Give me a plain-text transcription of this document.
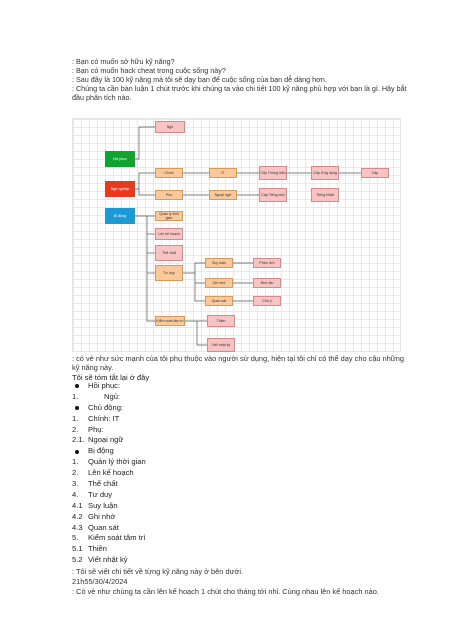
: Bạn có muốn sở hữu kỹ năng?
: Bạn có muốn hack cheat trong cuộc sống này?
: Sau đây là 100 kỹ năng mà tôi sẽ dạy bạn để cuộc sống của bạn dễ dàng hơn.
: Chúng ta cần bàn luận 1 chút trước khi chúng ta vào chi tiết 100 kỹ năng phù hợp với bạn là gì. Hãy bắt đầu phân tích nào.
Ngủ
Hồi phục
Ngủ nghiệp
Bị động
Chính	IT	Cấp Thông hiểu	Cấp Ứng dụng	Cấp
Phụ	Ngoại ngữ	Cấp Tiếng anh	Tiếng Nhật
Quản lý thời gian
Lên kế hoạch
Thể chất
Tư duy
Suy luận
Ghi nhớ
Quan sát
Phân tích
Nhớ lâu
Chú ý
Kiểm soát tâm trí	Thiền
Viết nhật ký
: có vẻ như sức mạnh của tôi phụ thuộc vào người sử dụng, hiện tại tôi chỉ có thể dạy cho cậu những kỹ năng này.
Tôi sẽ tóm tắt lại ở đây
Hồi phục:
1.	Ngủ:
Chủ động:
1.	Chính: IT
2.	Phụ:
2.1. Ngoại ngữ
Bị động
1.	Quản lý thời gian
2.	Lên kế hoạch
3.	Thể chất
4.	Tư duy
4.1 Suy luận
4.2 Ghi nhớ
4.3 Quan sát
5.	Kiểm soát tâm trí
5.1 Thiền
5.2 Viết nhật ký
: Tôi sẽ viết chi tiết về từng kỹ năng này ở bên dưới.
21h55/30/4/2024
: Có vẻ như chúng ta cần lên kế hoạch 1 chút cho tháng tới nhỉ. Cùng nhau lên kế hoạch nào.
